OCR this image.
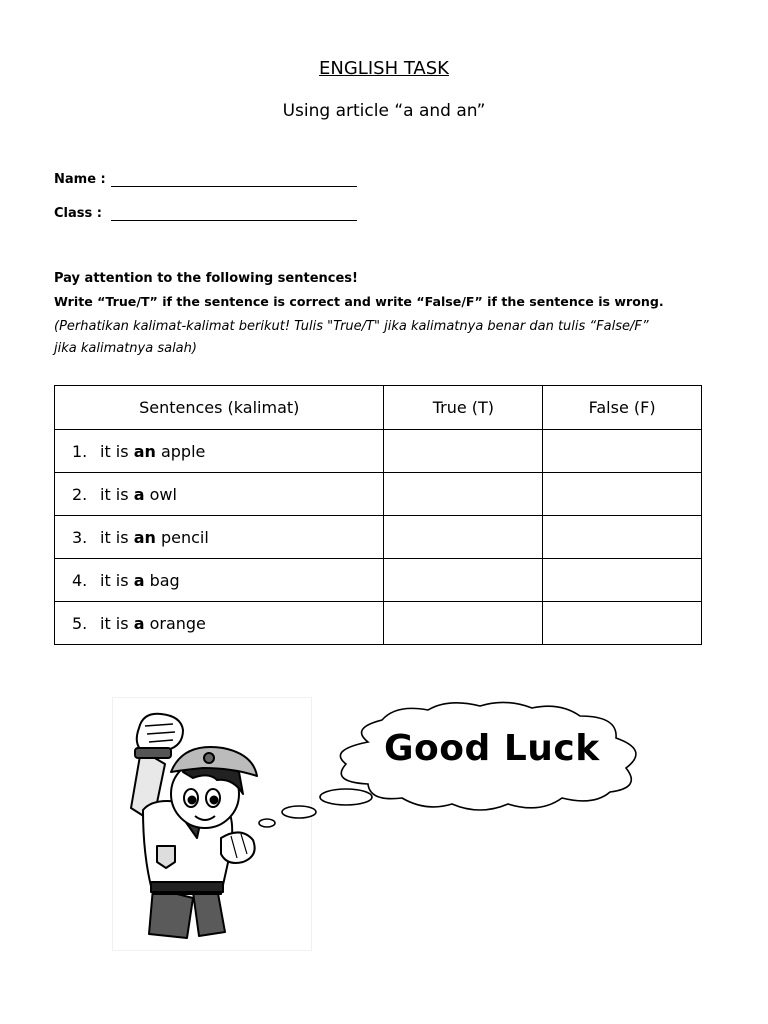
ENGLISH TASK
Using article “a and an”
Name :
Class :
Pay attention to the following sentences!
Write “True/T” if the sentence is correct and write “False/F” if the sentence is wrong.
(Perhatikan kalimat-kalimat berikut! Tulis "True/T" jika kalimatnya benar dan tulis “False/F”
jika kalimatnya salah)
Sentences (kalimat)	True (T)	False (F)
1. it is an apple		
2. it is a owl		
3. it is an pencil		
4. it is a bag		
5. it is a orange		
Good Luck
